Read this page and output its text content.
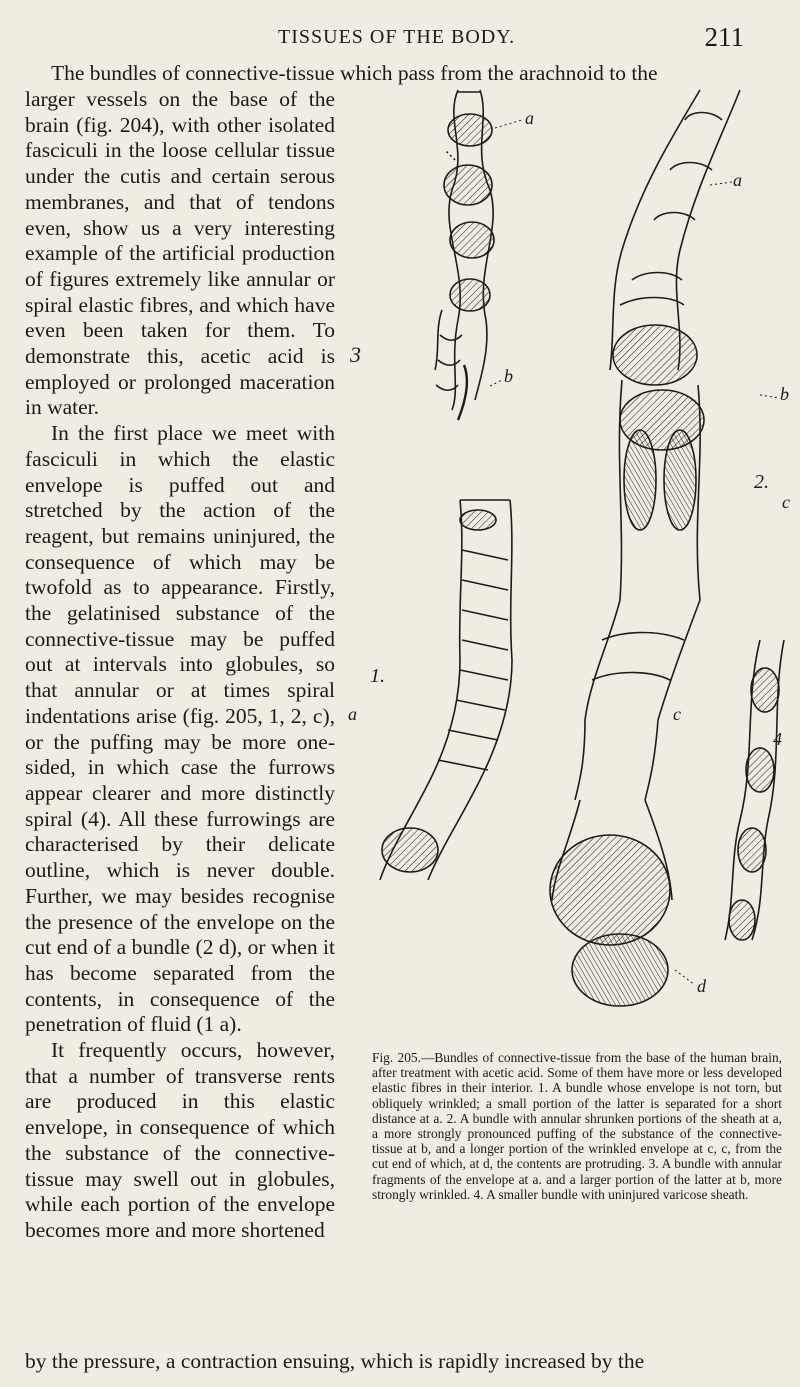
TISSUES OF THE BODY.	211

The bundles of connective-tissue which pass from the arachnoid to the

larger vessels on the base of the brain (fig. 204), with other isolated fasciculi in the loose cellular tissue under the cutis and certain serous membranes, and that of tendons even, show us a very interesting example of the artificial production of figures extremely like annular or spiral elastic fibres, and which have even been taken for them. To demonstrate this, acetic acid is employed or prolonged maceration in water.

In the first place we meet with fasciculi in which the elastic envelope is puffed out and stretched by the action of the reagent, but remains uninjured, the consequence of which may be twofold as to appearance. Firstly, the gelatinised substance of the connective-tissue may be puffed out at intervals into globules, so that annular or at times spiral indentations arise (fig. 205, 1, 2, c), or the puffing may be more one-sided, in which case the furrows appear clearer and more distinctly spiral (4). All these furrowings are characterised by their delicate outline, which is never double. Further, we may besides recognise the presence of the envelope on the cut end of a bundle (2 d), or when it has become separated from the contents, in consequence of the penetration of fluid (1 a).

It frequently occurs, however, that a number of transverse rents are produced in this elastic envelope, in consequence of which the substance of the connective-tissue may swell out in globules, while each portion of the envelope becomes more and more shortened

a
a
a
b
b
c
c
d
3
2.
1.
4
Fig. 205.—Bundles of connective-tissue from the base of the human brain, after treatment with acetic acid. Some of them have more or less developed elastic fibres in their interior. 1. A bundle whose envelope is not torn, but obliquely wrinkled; a small portion of the latter is separated for a short distance at a. 2. A bundle with annular shrunken portions of the sheath at a, a more strongly pronounced puffing of the substance of the connective-tissue at b, and a longer portion of the wrinkled envelope at c, c, from the cut end of which, at d, the contents are protruding. 3. A bundle with annular fragments of the envelope at a. and a larger portion of the latter at b, more strongly wrinkled. 4. A smaller bundle with uninjured varicose sheath.
by the pressure, a contraction ensuing, which is rapidly increased by the
